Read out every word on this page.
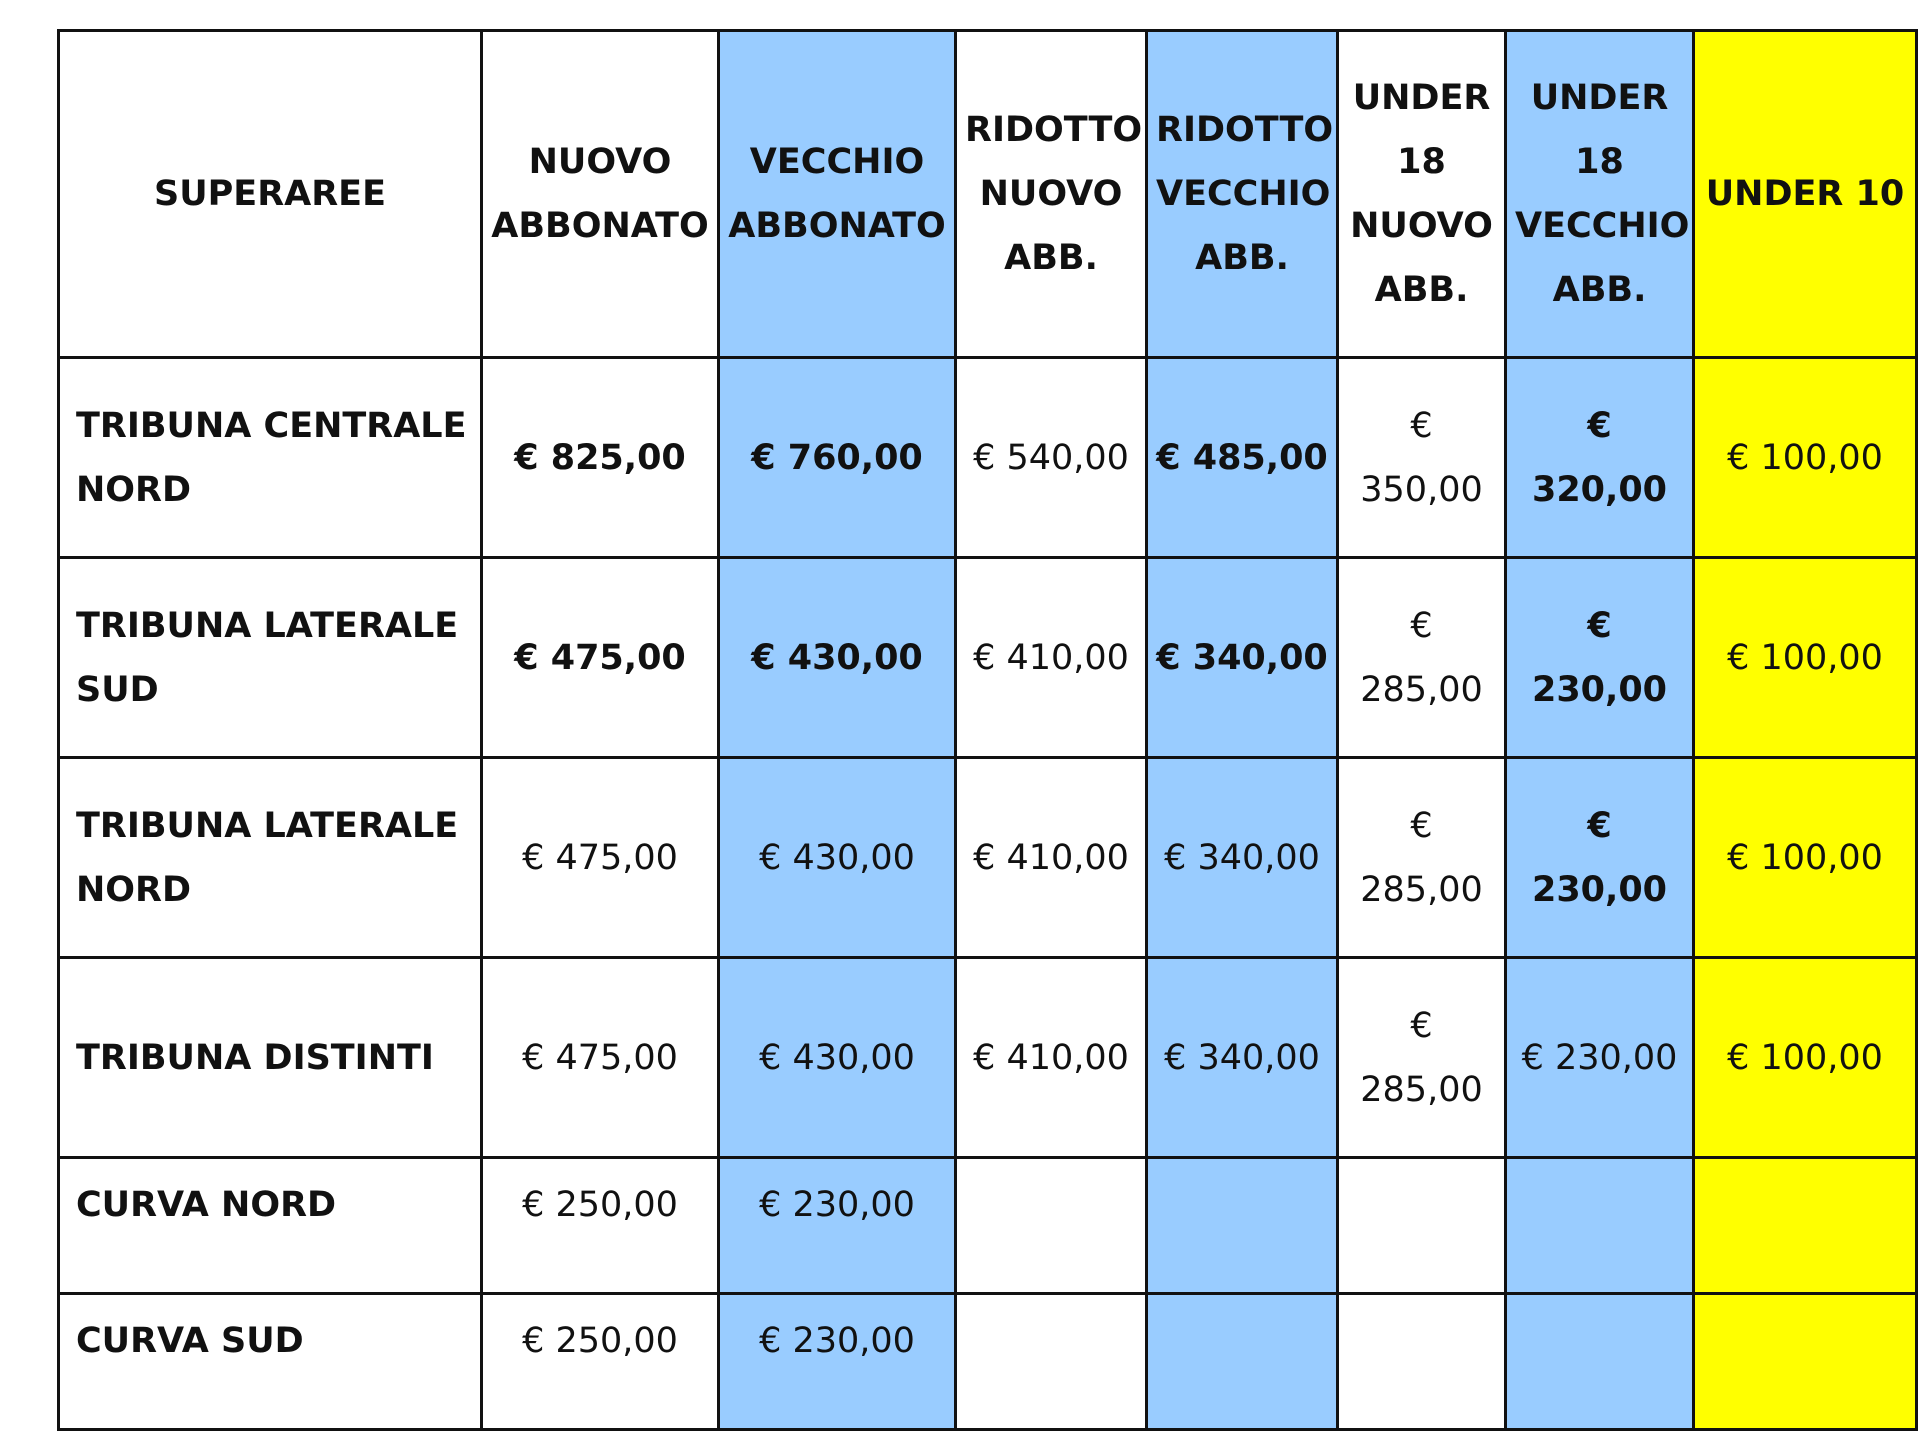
SUPERAREE	NUOVO ABBONATO	VECCHIO ABBONATO	RIDOTTO NUOVO ABB.	RIDOTTO VECCHIO ABB.	UNDER 18 NUOVO ABB.	UNDER 18 VECCHIO ABB.	UNDER 10
TRIBUNA CENTRALE NORD	€ 825,00	€ 760,00	€ 540,00	€ 485,00	€ 350,00	€ 320,00	€ 100,00
TRIBUNA LATERALE SUD	€ 475,00	€ 430,00	€ 410,00	€ 340,00	€ 285,00	€ 230,00	€ 100,00
TRIBUNA LATERALE NORD	€ 475,00	€ 430,00	€ 410,00	€ 340,00	€ 285,00	€ 230,00	€ 100,00
TRIBUNA DISTINTI	€ 475,00	€ 430,00	€ 410,00	€ 340,00	€ 285,00	€ 230,00	€ 100,00
CURVA NORD	€ 250,00	€ 230,00					
CURVA SUD	€ 250,00	€ 230,00					
